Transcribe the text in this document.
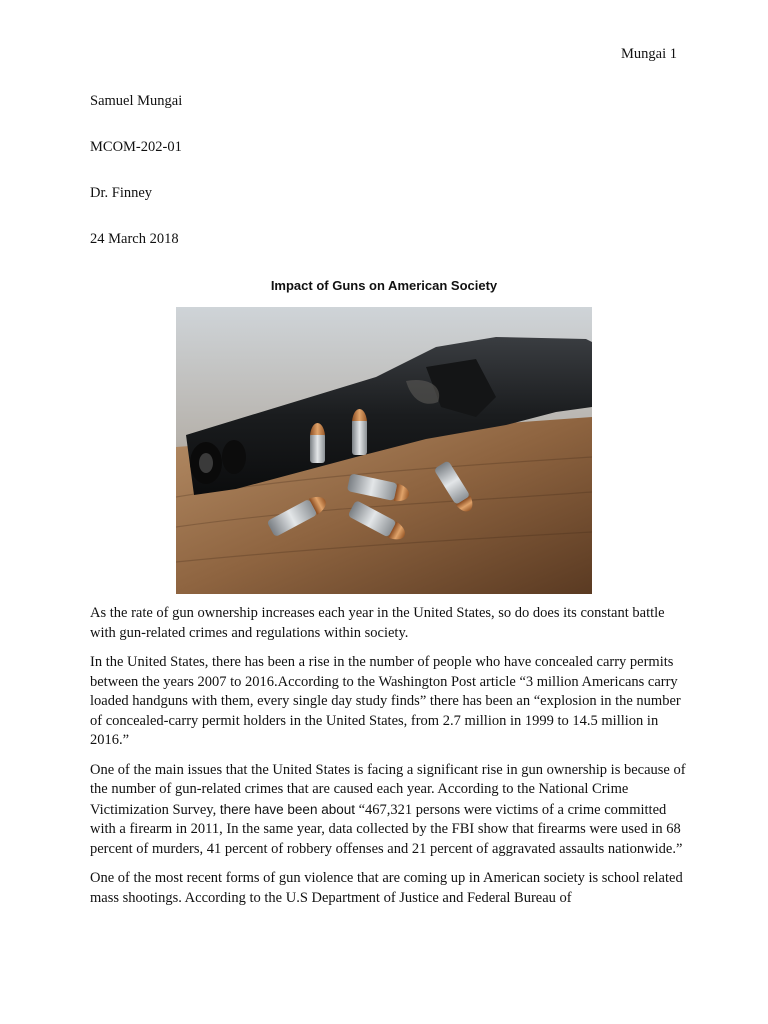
Mungai 1
Samuel Mungai
MCOM-202-01
Dr. Finney
24 March 2018
Impact of Guns on American Society

As the rate of gun ownership increases each year in the United States, so do does its constant battle with gun-related crimes and regulations within society.

In the United States, there has been a rise in the number of people who have concealed carry permits between the years 2007 to 2016.According to the Washington Post article “3 million Americans carry loaded handguns with them, every single day study finds” there has been an “explosion in the number of concealed-carry permit holders in the United States, from 2.7 million in 1999 to 14.5 million in 2016.”

One of the main issues that the United States is facing a significant rise in gun ownership is because of the number of gun-related crimes that are caused each year. According to the National Crime Victimization Survey, there have been about “467,321 persons were victims of a crime committed with a firearm in 2011, In the same year, data collected by the FBI show that firearms were used in 68 percent of murders, 41 percent of robbery offenses and 21 percent of aggravated assaults nationwide.”

One of the most recent forms of gun violence that are coming up in American society is school related mass shootings. According to the U.S Department of Justice and Federal Bureau of
